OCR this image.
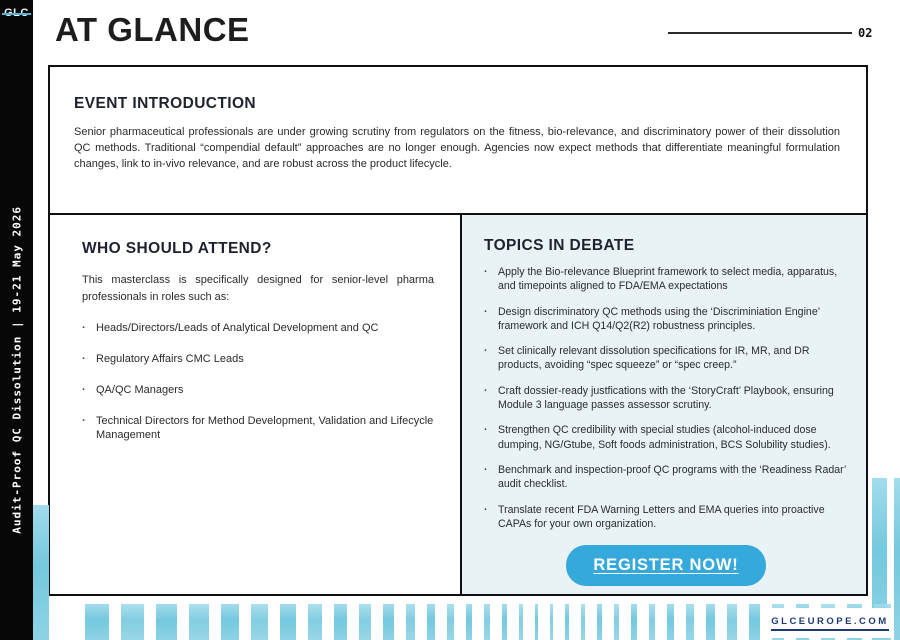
Audit-Proof QC Dissolution | 19-21 May 2026
AT GLANCE	02
EVENT INTRODUCTION

Senior pharmaceutical professionals are under growing scrutiny from regulators on the fitness, bio-relevance, and discriminatory power of their dissolution QC methods. Traditional “compendial default” approaches are no longer enough. Agencies now expect methods that differentiate meaningful formulation changes, link to in-vivo relevance, and are robust across the product lifecycle.

WHO SHOULD ATTEND?

This masterclass is specifically designed for senior-level pharma professionals in roles such as:

· Heads/Directors/Leads of Analytical Development and QC
· Regulatory Affairs CMC Leads
· QA/QC Managers
· Technical Directors for Method Development, Validation and Lifecycle Management
TOPICS IN DEBATE
· Apply the Bio-relevance Blueprint framework to select media, apparatus, and timepoints aligned to FDA/EMA expectations
· Design discriminatory QC methods using the ‘Discriminiation Engine’ framework and ICH Q14/Q2(R2) robustness principles.
· Set clinically relevant dissolution specifications for IR, MR, and DR products, avoiding “spec squeeze” or “spec creep.”
· Craft dossier-ready justfications with the ‘StoryCraft’ Playbook, ensuring Module 3 language passes assessor scrutiny.
· Strengthen QC credibility with special studies (alcohol-induced dose dumping, NG/Gtube, Soft foods administration, BCS Solubility studies).
· Benchmark and inspection-proof QC programs with the ‘Readiness Radar’ audit checklist.
· Translate recent FDA Warning Letters and EMA queries into proactive CAPAs for your own organization.
REGISTER NOW!
GLCEUROPE.COM
